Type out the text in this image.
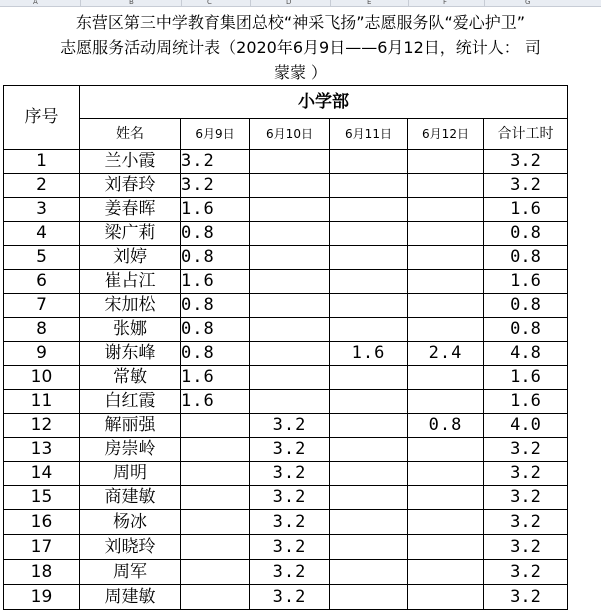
A	B	C	D	E	F	G
东营区第三中学教育集团总校“神采飞扬”志愿服务队“爱心护卫”
志愿服务活动周统计表（2020年6月9日——6月12日，统计人： 司
蒙蒙 ）
序号	小学部					
	姓名	6月9日	6月10日	6月11日	6月12日	合计工时
1	兰小霞	3.2				3.2
2	刘春玲	3.2				3.2
3	姜春晖	1.6				1.6
4	梁广莉	0.8				0.8
5	刘婷	0.8				0.8
6	崔占江	1.6				1.6
7	宋加松	0.8				0.8
8	张娜	0.8				0.8
9	谢东峰	0.8		1.6	2.4	4.8
10	常敏	1.6				1.6
11	白红霞	1.6				1.6
12	解丽强		3.2		0.8	4.0
13	房崇岭		3.2			3.2
14	周明		3.2			3.2
15	商建敏		3.2			3.2
16	杨冰		3.2			3.2
17	刘晓玲		3.2			3.2
18	周军		3.2			3.2
19	周建敏		3.2			3.2
